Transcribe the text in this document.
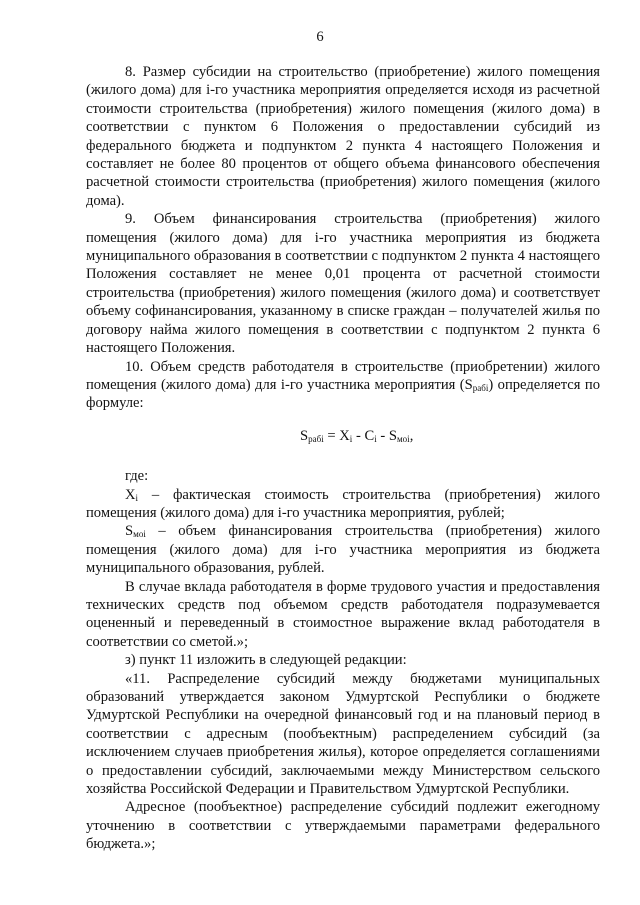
6

8. Размер субсидии на строительство (приобретение) жилого помещения (жилого дома) для i-го участника мероприятия определяется исходя из расчетной стоимости строительства (приобретения) жилого помещения (жилого дома) в соответствии с пунктом 6 Положения о предоставлении субсидий из федерального бюджета и подпунктом 2 пункта 4 настоящего Положения и составляет не более 80 процентов от общего объема финансового обеспечения расчетной стоимости строительства (приобретения) жилого помещения (жилого дома).

9. Объем финансирования строительства (приобретения) жилого помещения (жилого дома) для i-го участника мероприятия из бюджета муниципального образования в соответствии с подпунктом 2 пункта 4 настоящего Положения составляет не менее 0,01 процента от расчетной стоимости строительства (приобретения) жилого помещения (жилого дома) и соответствует объему софинансирования, указанному в списке граждан – получателей жилья по договору найма жилого помещения в соответствии с подпунктом 2 пункта 6 настоящего Положения.

10. Объем средств работодателя в строительстве (приобретении) жилого помещения (жилого дома) для i-го участника мероприятия $(S_{рабi})$ определяется по формуле:

$S_{рабi} = X_i - C_i - S_{мoi}$,

где:

$X_i$ – фактическая стоимость строительства (приобретения) жилого помещения (жилого дома) для i-го участника мероприятия, рублей;

$S_{мoi}$ – объем финансирования строительства (приобретения) жилого помещения (жилого дома) для i-го участника мероприятия из бюджета муниципального образования, рублей.

В случае вклада работодателя в форме трудового участия и предоставления технических средств под объемом средств работодателя подразумевается оцененный и переведенный в стоимостное выражение вклад работодателя в соответствии со сметой.»;

з) пункт 11 изложить в следующей редакции:

«11. Распределение субсидий между бюджетами муниципальных образований утверждается законом Удмуртской Республики о бюджете Удмуртской Республики на очередной финансовый год и на плановый период в соответствии с адресным (пообъектным) распределением субсидий (за исключением случаев приобретения жилья), которое определяется соглашениями о предоставлении субсидий, заключаемыми между Министерством сельского хозяйства Российской Федерации и Правительством Удмуртской Республики.

Адресное (пообъектное) распределение субсидий подлежит ежегодному уточнению в соответствии с утверждаемыми параметрами федерального бюджета.»;
